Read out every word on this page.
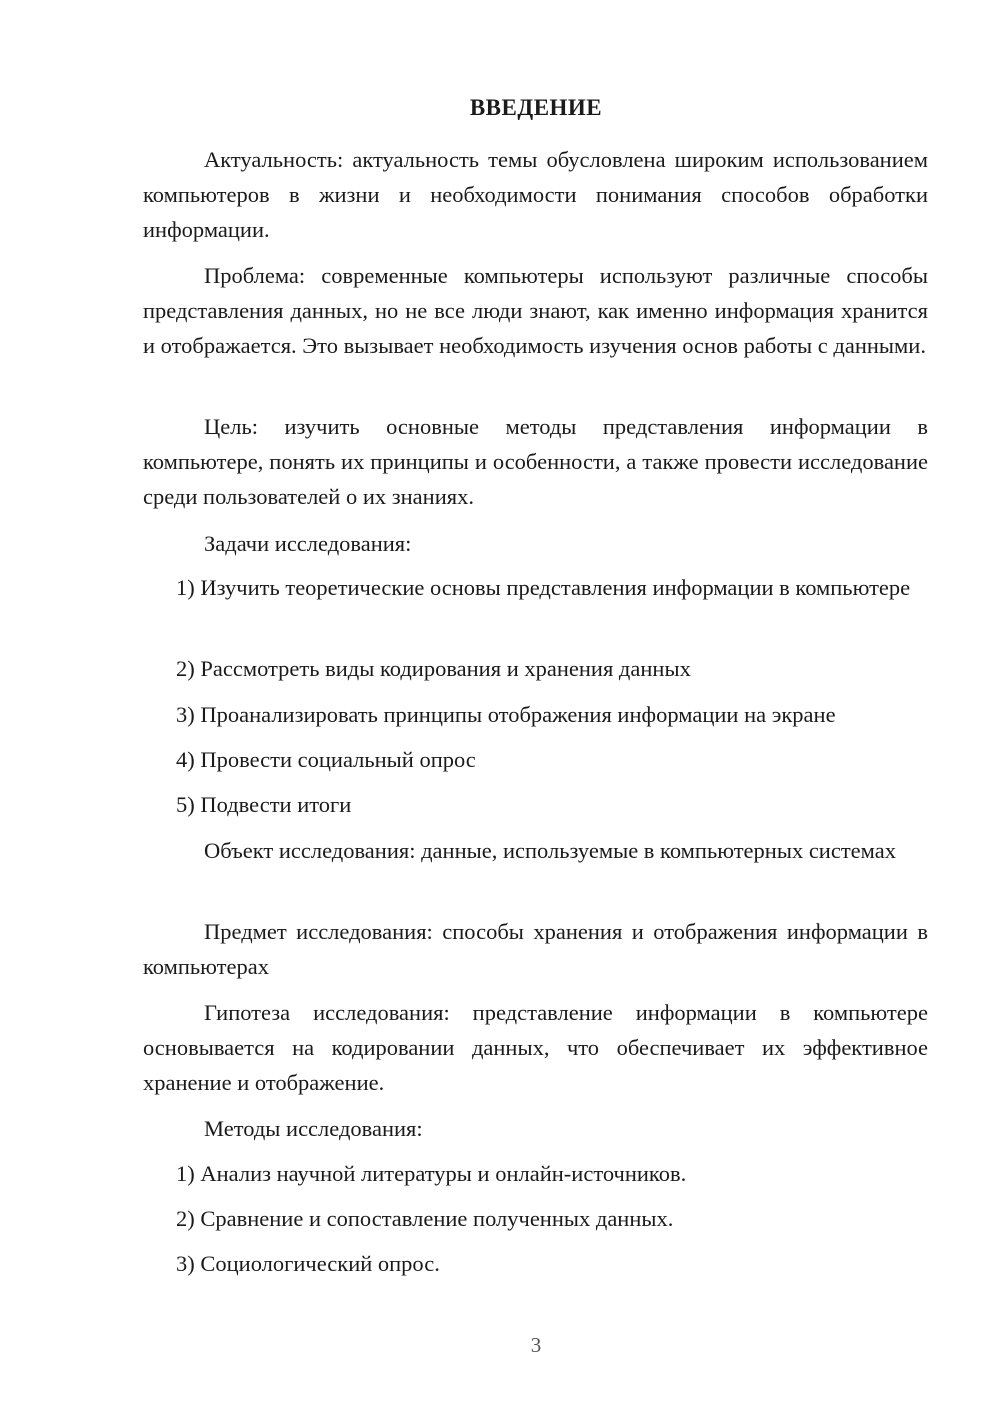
ВВЕДЕНИЕ
Актуальность: актуальность темы обусловлена широким использованием компьютеров в жизни и необходимости понимания способов обработки информации.
Проблема: современные компьютеры используют различные способы представления данных, но не все люди знают, как именно информация хранится и отображается. Это вызывает необходимость изучения основ работы с данными.
Цель: изучить основные методы представления информации в компьютере, понять их принципы и особенности, а также провести исследование среди пользователей о их знаниях.
Задачи исследования:
1) Изучить теоретические основы представления информации в компьютере
2) Рассмотреть виды кодирования и хранения данных
3) Проанализировать принципы отображения информации на экране
4) Провести социальный опрос
5) Подвести итоги
Объект исследования: данные, используемые в компьютерных системах
Предмет исследования: способы хранения и отображения информации в компьютерах
Гипотеза исследования: представление информации в компьютере основывается на кодировании данных, что обеспечивает их эффективное хранение и отображение.
Методы исследования:
1) Анализ научной литературы и онлайн-источников.
2) Сравнение и сопоставление полученных данных.
3) Социологический опрос.
3
